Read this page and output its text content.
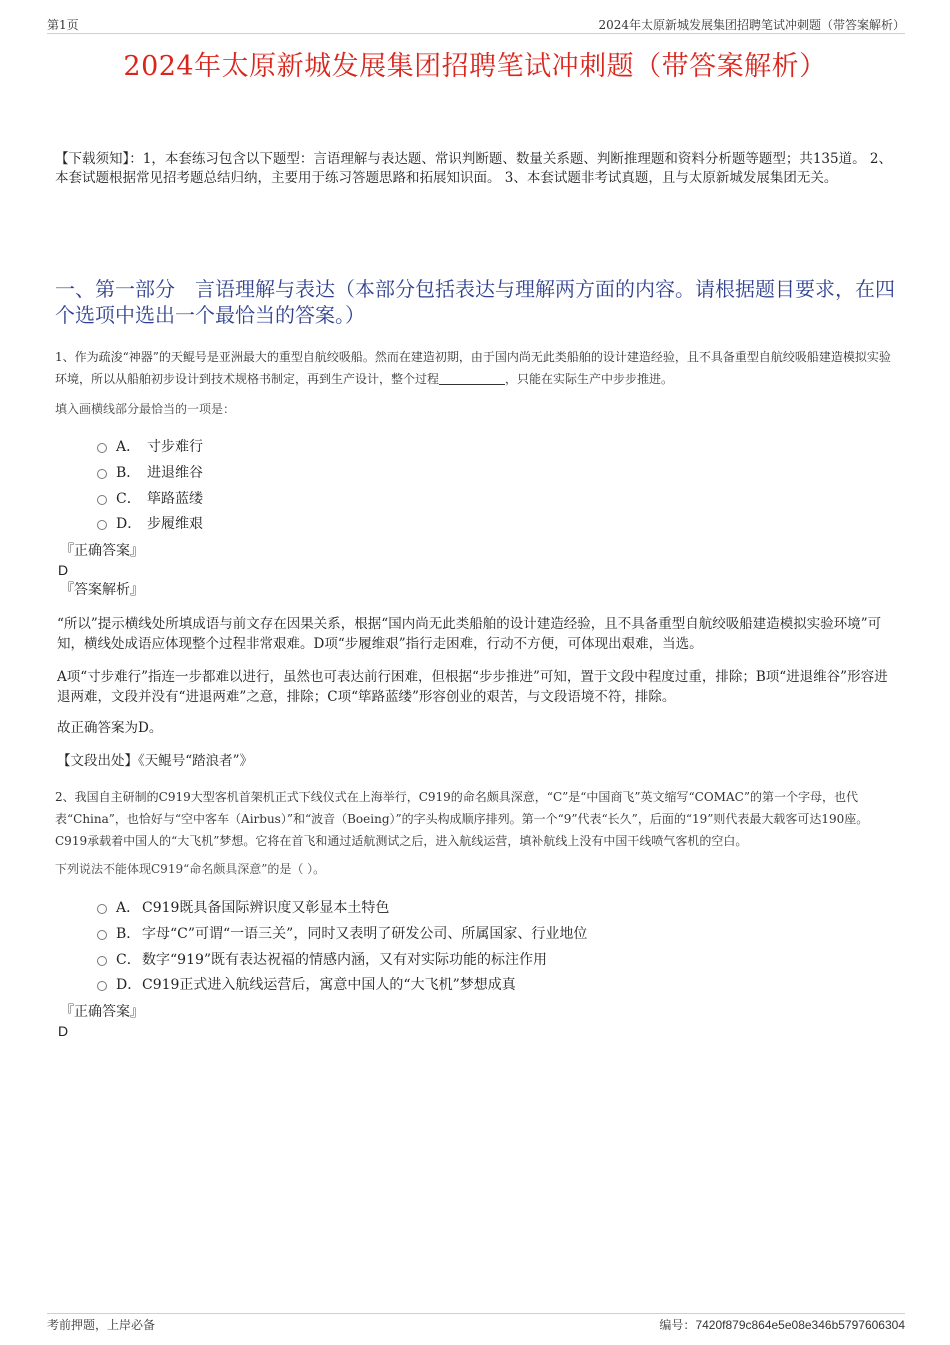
第1页	2024年太原新城发展集团招聘笔试冲刺题（带答案解析）
2024年太原新城发展集团招聘笔试冲刺题（带答案解析）
【下载须知】：1，本套练习包含以下题型：言语理解与表达题、常识判断题、数量关系题、判断推理题和资料分析题等题型；共135道。 2、本套试题根据常见招考题总结归纳，主要用于练习答题思路和拓展知识面。 3、本套试题非考试真题，且与太原新城发展集团无关。
一、第一部分　言语理解与表达（本部分包括表达与理解两方面的内容。请根据题目要求，在四个选项中选出一个最恰当的答案。）
1、作为疏浚“神器”的天鲲号是亚洲最大的重型自航绞吸船。然而在建造初期，由于国内尚无此类船舶的设计建造经验，且不具备重型自航绞吸船建造模拟实验环境，所以从船舶初步设计到技术规格书制定，再到生产设计，整个过程	，只能在实际生产中步步推进。
填入画横线部分最恰当的一项是：
A． 寸步难行
B． 进退维谷
C． 筚路蓝缕
D． 步履维艰
『正确答案』
D
『答案解析』
“所以”提示横线处所填成语与前文存在因果关系，根据“国内尚无此类船舶的设计建造经验，且不具备重型自航绞吸船建造模拟实验环境”可知，横线处成语应体现整个过程非常艰难。D项“步履维艰”指行走困难，行动不方便，可体现出艰难，当选。
A项“寸步难行”指连一步都难以进行，虽然也可表达前行困难，但根据“步步推进”可知，置于文段中程度过重，排除；B项“进退维谷”形容进退两难，文段并没有“进退两难”之意，排除；C项“筚路蓝缕”形容创业的艰苦，与文段语境不符，排除。
故正确答案为D。
【文段出处】《天鲲号“踏浪者”》
2、我国自主研制的C919大型客机首架机正式下线仪式在上海举行，C919的命名颇具深意，“C”是“中国商飞”英文缩写“COMAC”的第一个字母，也代表“China”，也恰好与“空中客车（Airbus）”和“波音（Boeing）”的字头构成顺序排列。第一个“9”代表“长久”，后面的“19”则代表最大载客可达190座。C919承载着中国人的“大飞机”梦想。它将在首飞和通过适航测试之后，进入航线运营，填补航线上没有中国干线喷气客机的空白。
下列说法不能体现C919“命名颇具深意”的是（ ）。
A． C919既具备国际辨识度又彰显本土特色
B． 字母“C”可谓“一语三关”，同时又表明了研发公司、所属国家、行业地位
C． 数字“919”既有表达祝福的情感内涵，又有对实际功能的标注作用
D． C919正式进入航线运营后，寓意中国人的“大飞机”梦想成真
『正确答案』
D
考前押题，上岸必备	编号：7420f879c864e5e08e346b5797606304
